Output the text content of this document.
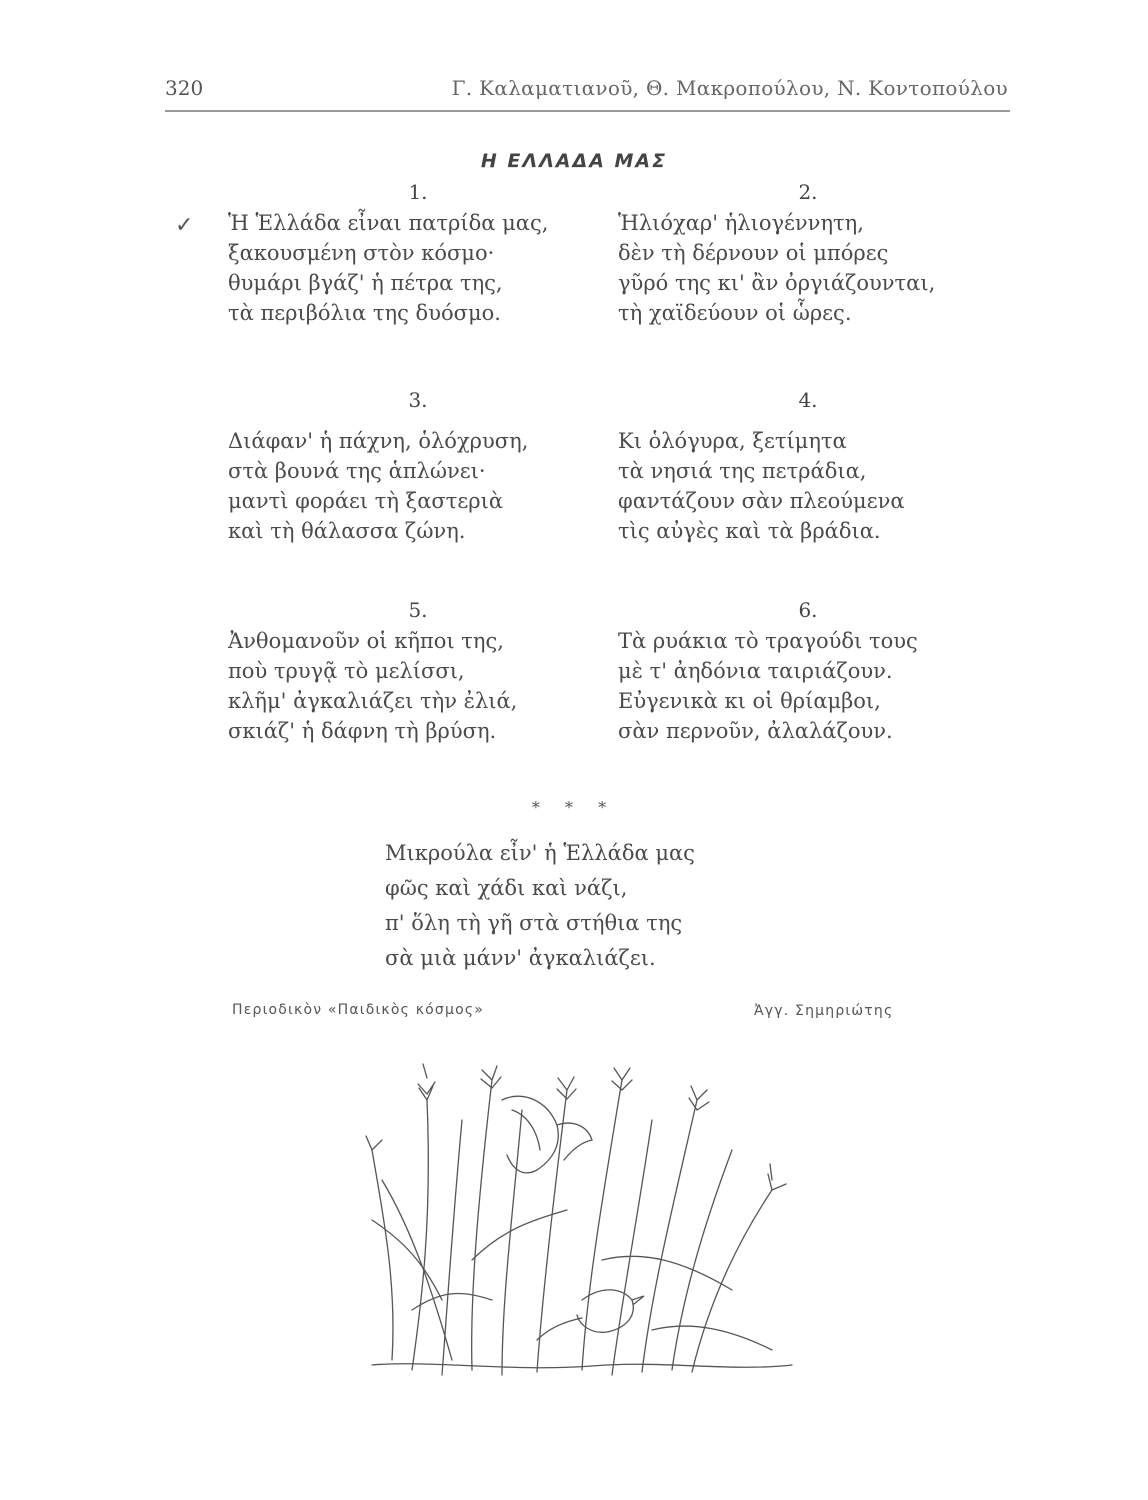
320	Γ. Καλαματιανοῦ, Θ. Μακροπούλου, Ν. Κοντοπούλου
Η ΕΛΛΑΔΑ ΜΑΣ
✓
1.
Ἡ Ἑλλάδα εἶναι πατρίδα μας,
ξακουσμένη στὸν κόσμο·
θυμάρι βγάζ' ἡ πέτρα της,
τὰ περιβόλια της δυόσμο.
2.
Ἡλιόχαρ' ἡλιογέννητη,
δὲν τὴ δέρνουν οἱ μπόρες
γῦρό της κι' ἂν ὀργιάζουνται,
τὴ χαϊδεύουν οἱ ὧρες.
3.
Διάφαν' ἡ πάχνη, ὁλόχρυση,
στὰ βουνά της ἁπλώνει·
μαντὶ φοράει τὴ ξαστεριὰ
καὶ τὴ θάλασσα ζώνη.
4.
Κι ὁλόγυρα, ξετίμητα
τὰ νησιά της πετράδια,
φαντάζουν σὰν πλεούμενα
τὶς αὐγὲς καὶ τὰ βράδια.
5.
Ἀνθομανοῦν οἱ κῆποι της,
ποὺ τρυγᾷ τὸ μελίσσι,
κλῆμ' ἀγκαλιάζει τὴν ἐλιά,
σκιάζ' ἡ δάφνη τὴ βρύση.
6.
Τὰ ρυάκια τὸ τραγούδι τους
μὲ τ' ἀηδόνια ταιριάζουν.
Εὐγενικὰ κι οἱ θρίαμβοι,
σὰν περνοῦν, ἀλαλάζουν.
* * *
Μικρούλα εἶν' ἡ Ἑλλάδα μας
φῶς καὶ χάδι καὶ νάζι,
π' ὅλη τὴ γῆ στὰ στήθια της
σὰ μιὰ μάνν' ἀγκαλιάζει.
Περιοδικὸν «Παιδικὸς κόσμος»	Ἀγγ. Σημηριώτης
